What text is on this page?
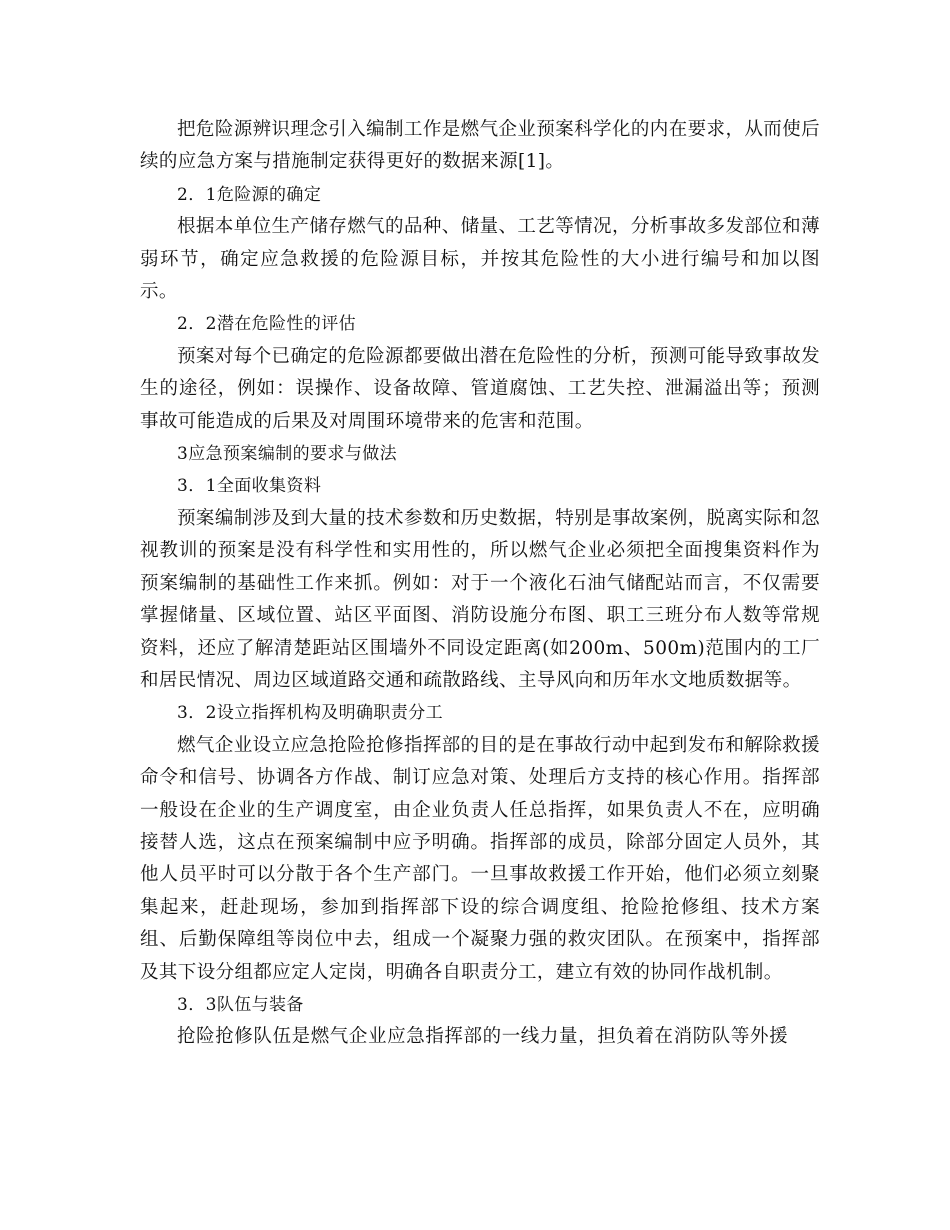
把危险源辨识理念引入编制工作是燃气企业预案科学化的内在要求，从而使后续的应急方案与措施制定获得更好的数据来源[1]。

2．1危险源的确定

根据本单位生产储存燃气的品种、储量、工艺等情况，分析事故多发部位和薄弱环节，确定应急救援的危险源目标，并按其危险性的大小进行编号和加以图示。

2．2潜在危险性的评估

预案对每个已确定的危险源都要做出潜在危险性的分析，预测可能导致事故发生的途径，例如：误操作、设备故障、管道腐蚀、工艺失控、泄漏溢出等；预测事故可能造成的后果及对周围环境带来的危害和范围。

3应急预案编制的要求与做法

3．1全面收集资料

预案编制涉及到大量的技术参数和历史数据，特别是事故案例，脱离实际和忽视教训的预案是没有科学性和实用性的，所以燃气企业必须把全面搜集资料作为预案编制的基础性工作来抓。例如：对于一个液化石油气储配站而言，不仅需要掌握储量、区域位置、站区平面图、消防设施分布图、职工三班分布人数等常规资料，还应了解清楚距站区围墙外不同设定距离(如200m、500m)范围内的工厂和居民情况、周边区域道路交通和疏散路线、主导风向和历年水文地质数据等。

3．2设立指挥机构及明确职责分工

燃气企业设立应急抢险抢修指挥部的目的是在事故行动中起到发布和解除救援命令和信号、协调各方作战、制订应急对策、处理后方支持的核心作用。指挥部一般设在企业的生产调度室，由企业负责人任总指挥，如果负责人不在，应明确接替人选，这点在预案编制中应予明确。指挥部的成员，除部分固定人员外，其他人员平时可以分散于各个生产部门。一旦事故救援工作开始，他们必须立刻聚集起来，赶赴现场，参加到指挥部下设的综合调度组、抢险抢修组、技术方案组、后勤保障组等岗位中去，组成一个凝聚力强的救灾团队。在预案中，指挥部及其下设分组都应定人定岗，明确各自职责分工，建立有效的协同作战机制。

3．3队伍与装备

抢险抢修队伍是燃气企业应急指挥部的一线力量，担负着在消防队等外援
